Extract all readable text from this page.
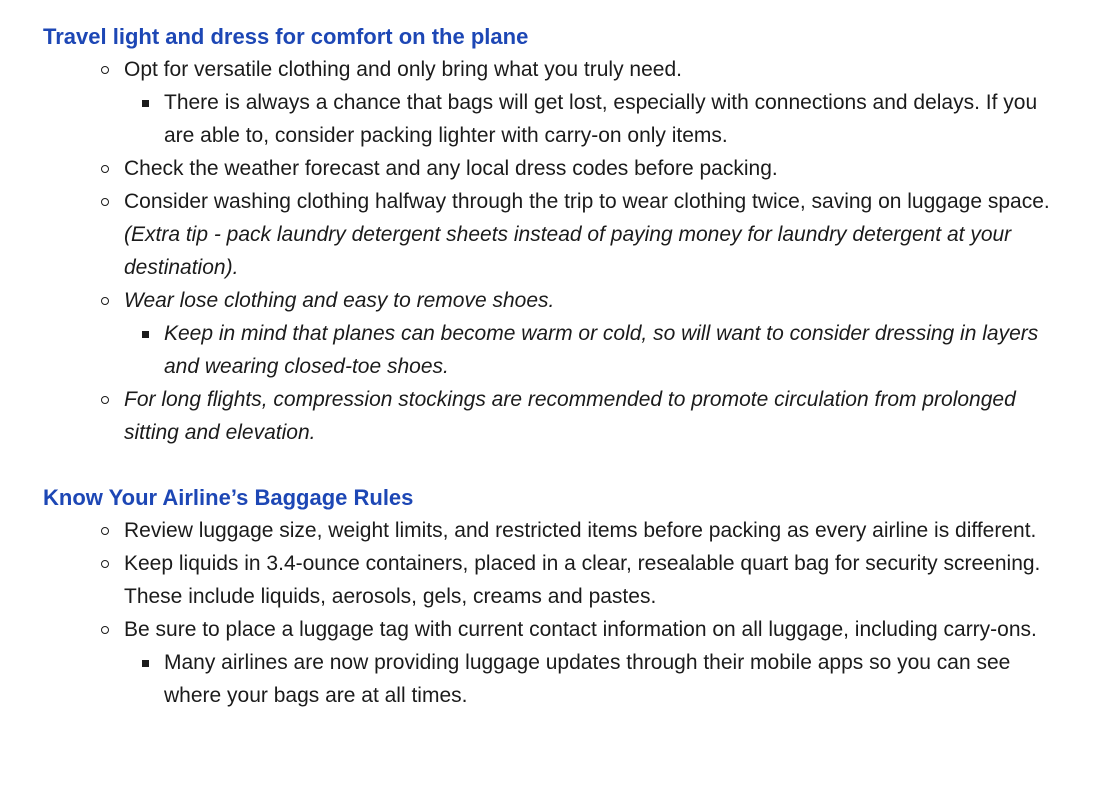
Travel light and dress for comfort on the plane
Opt for versatile clothing and only bring what you truly need.
There is always a chance that bags will get lost, especially with connections and delays. If you are able to, consider packing lighter with carry-on only items.
Check the weather forecast and any local dress codes before packing.
Consider washing clothing halfway through the trip to wear clothing twice, saving on luggage space. (Extra tip - pack laundry detergent sheets instead of paying money for laundry detergent at your destination).
Wear lose clothing and easy to remove shoes.
Keep in mind that planes can become warm or cold, so will want to consider dressing in layers and wearing closed-toe shoes.
For long flights, compression stockings are recommended to promote circulation from prolonged sitting and elevation.
Know Your Airline’s Baggage Rules
Review luggage size, weight limits, and restricted items before packing as every airline is different.
Keep liquids in 3.4-ounce containers, placed in a clear, resealable quart bag for security screening. These include liquids, aerosols, gels, creams and pastes.
Be sure to place a luggage tag with current contact information on all luggage, including carry-ons.
Many airlines are now providing luggage updates through their mobile apps so you can see where your bags are at all times.
